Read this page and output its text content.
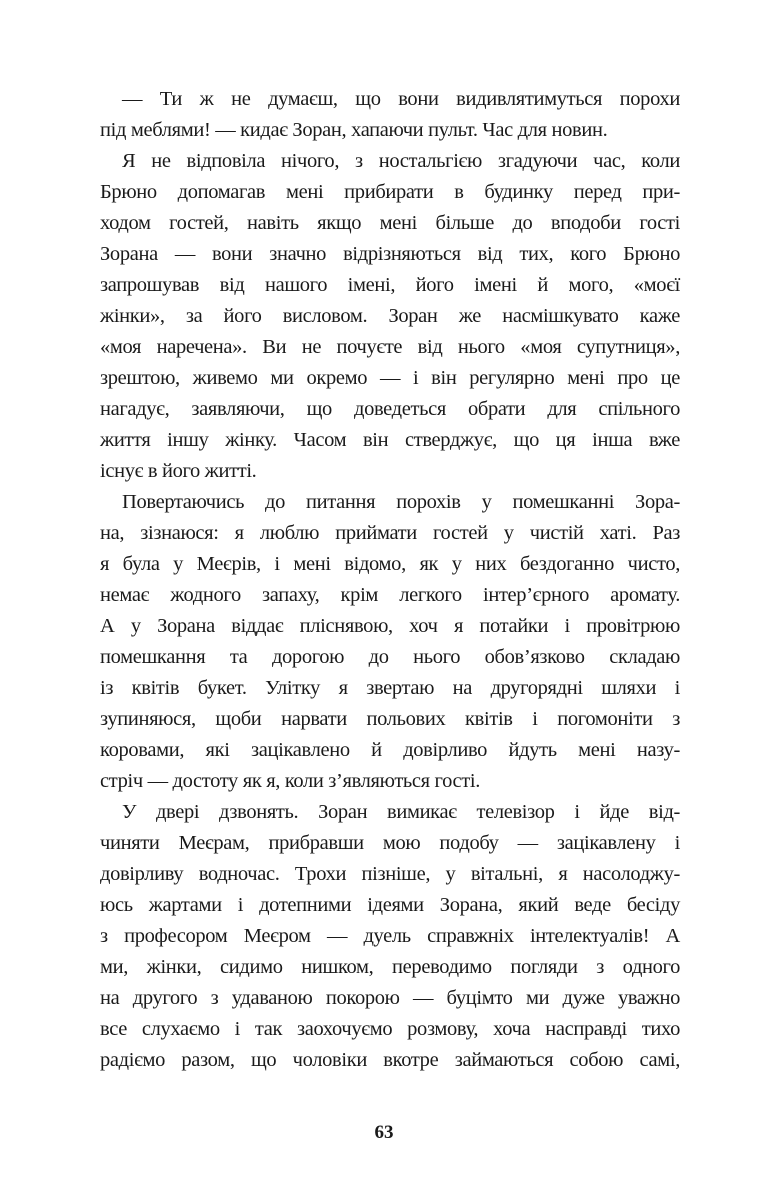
— Ти ж не думаєш, що вони видивлятимуться порохи
під меблями! — кидає Зоран, хапаючи пульт. Час для новин.
Я не відповіла нічого, з ностальгією згадуючи час, коли
Брюно допомагав мені прибирати в будинку перед при-
ходом гостей, навіть якщо мені більше до вподоби гості
Зорана — вони значно відрізняються від тих, кого Брюно
запрошував від нашого імені, його імені й мого, «моєї
жінки», за його висловом. Зоран же насмішкувато каже
«моя наречена». Ви не почуєте від нього «моя супутниця»,
зрештою, живемо ми окремо — і він регулярно мені про це
нагадує, заявляючи, що доведеться обрати для спільного
життя іншу жінку. Часом він стверджує, що ця інша вже
існує в його житті.
Повертаючись до питання порохів у помешканні Зора-
на, зізнаюся: я люблю приймати гостей у чистій хаті. Раз
я була у Меєрів, і мені відомо, як у них бездоганно чисто,
немає жодного запаху, крім легкого інтер’єрного аромату.
А у Зорана віддає пліснявою, хоч я потайки і провітрюю
помешкання та дорогою до нього обов’язково складаю
із квітів букет. Улітку я звертаю на другорядні шляхи і
зупиняюся, щоби нарвати польових квітів і погомоніти з
коровами, які зацікавлено й довірливо йдуть мені назу-
стріч — достоту як я, коли з’являються гості.
У двері дзвонять. Зоран вимикає телевізор і йде від-
чиняти Меєрам, прибравши мою подобу — зацікавлену і
довірливу водночас. Трохи пізніше, у вітальні, я насолоджу-
юсь жартами і дотепними ідеями Зорана, який веде бесіду
з професором Меєром — дуель справжніх інтелектуалів! А
ми, жінки, сидимо нишком, переводимо погляди з одного
на другого з удаваною покорою — буцімто ми дуже уважно
все слухаємо і так заохочуємо розмову, хоча насправді тихо
радіємо разом, що чоловіки вкотре займаються собою самі,
63
